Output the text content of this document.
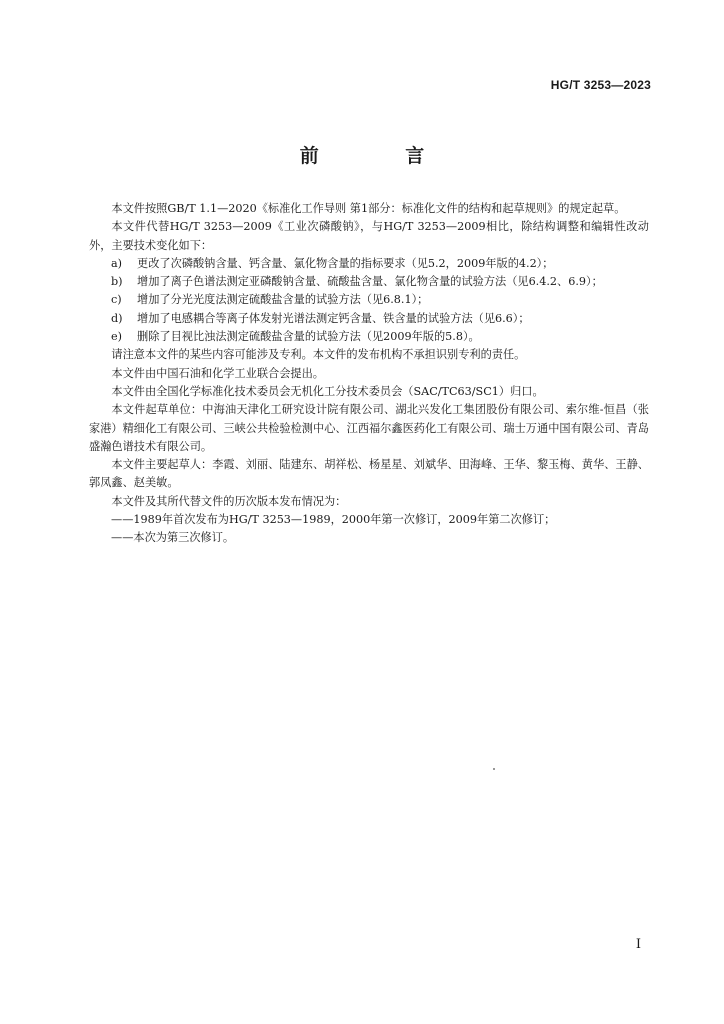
HG/T 3253—2023
前 言

本文件按照GB/T 1.1—2020《标准化工作导则 第1部分：标准化文件的结构和起草规则》的规定起草。

本文件代替HG/T 3253—2009《工业次磷酸钠》，与HG/T 3253—2009相比，除结构调整和编辑性改动外，主要技术变化如下：

a)	更改了次磷酸钠含量、钙含量、氯化物含量的指标要求（见5.2，2009年版的4.2）；
b)	增加了离子色谱法测定亚磷酸钠含量、硫酸盐含量、氯化物含量的试验方法（见6.4.2、6.9）；
c)	增加了分光光度法测定硫酸盐含量的试验方法（见6.8.1）；
d)	增加了电感耦合等离子体发射光谱法测定钙含量、铁含量的试验方法（见6.6）；
e)	删除了目视比浊法测定硫酸盐含量的试验方法（见2009年版的5.8）。

请注意本文件的某些内容可能涉及专利。本文件的发布机构不承担识别专利的责任。

本文件由中国石油和化学工业联合会提出。

本文件由全国化学标准化技术委员会无机化工分技术委员会（SAC/TC63/SC1）归口。

本文件起草单位：中海油天津化工研究设计院有限公司、湖北兴发化工集团股份有限公司、索尔维-恒昌（张家港）精细化工有限公司、三峡公共检验检测中心、江西福尔鑫医药化工有限公司、瑞士万通中国有限公司、青岛盛瀚色谱技术有限公司。

本文件主要起草人：李霞、刘丽、陆建东、胡祥松、杨星星、刘斌华、田海峰、王华、黎玉梅、黄华、王静、郭凤鑫、赵美敏。

本文件及其所代替文件的历次版本发布情况为：

——1989年首次发布为HG/T 3253—1989，2000年第一次修订，2009年第二次修订；

——本次为第三次修订。

I
